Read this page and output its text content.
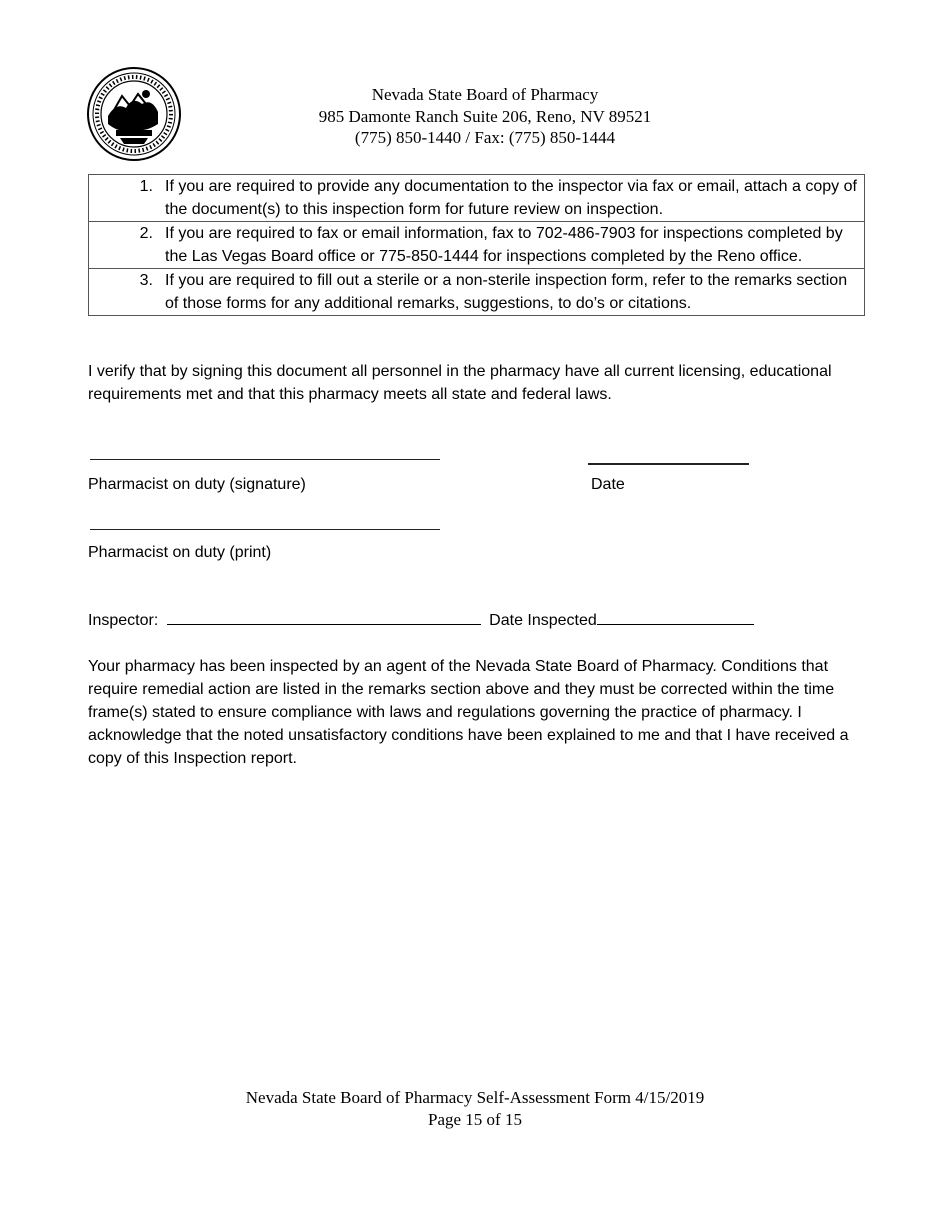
Nevada State Board of Pharmacy
985 Damonte Ranch Suite 206, Reno, NV 89521
(775) 850-1440 / Fax: (775) 850-1444
1. If you are required to provide any documentation to the inspector via fax or email, attach a copy of the document(s) to this inspection form for future review on inspection.

2. If you are required to fax or email information, fax to 702-486-7903 for inspections completed by the Las Vegas Board office or 775-850-1444 for inspections completed by the Reno office.

3. If you are required to fill out a sterile or a non-sterile inspection form, refer to the remarks section of those forms for any additional remarks, suggestions, to do’s or citations.
I verify that by signing this document all personnel in the pharmacy have all current licensing, educational requirements met and that this pharmacy meets all state and federal laws.
Pharmacist on duty (signature)	Date
Pharmacist on duty (print)
Inspector:	Date Inspected
Your pharmacy has been inspected by an agent of the Nevada State Board of Pharmacy. Conditions that require remedial action are listed in the remarks section above and they must be corrected within the time frame(s) stated to ensure compliance with laws and regulations governing the practice of pharmacy. I acknowledge that the noted unsatisfactory conditions have been explained to me and that I have received a copy of this Inspection report.
Nevada State Board of Pharmacy Self-Assessment Form 4/15/2019
Page 15 of 15
